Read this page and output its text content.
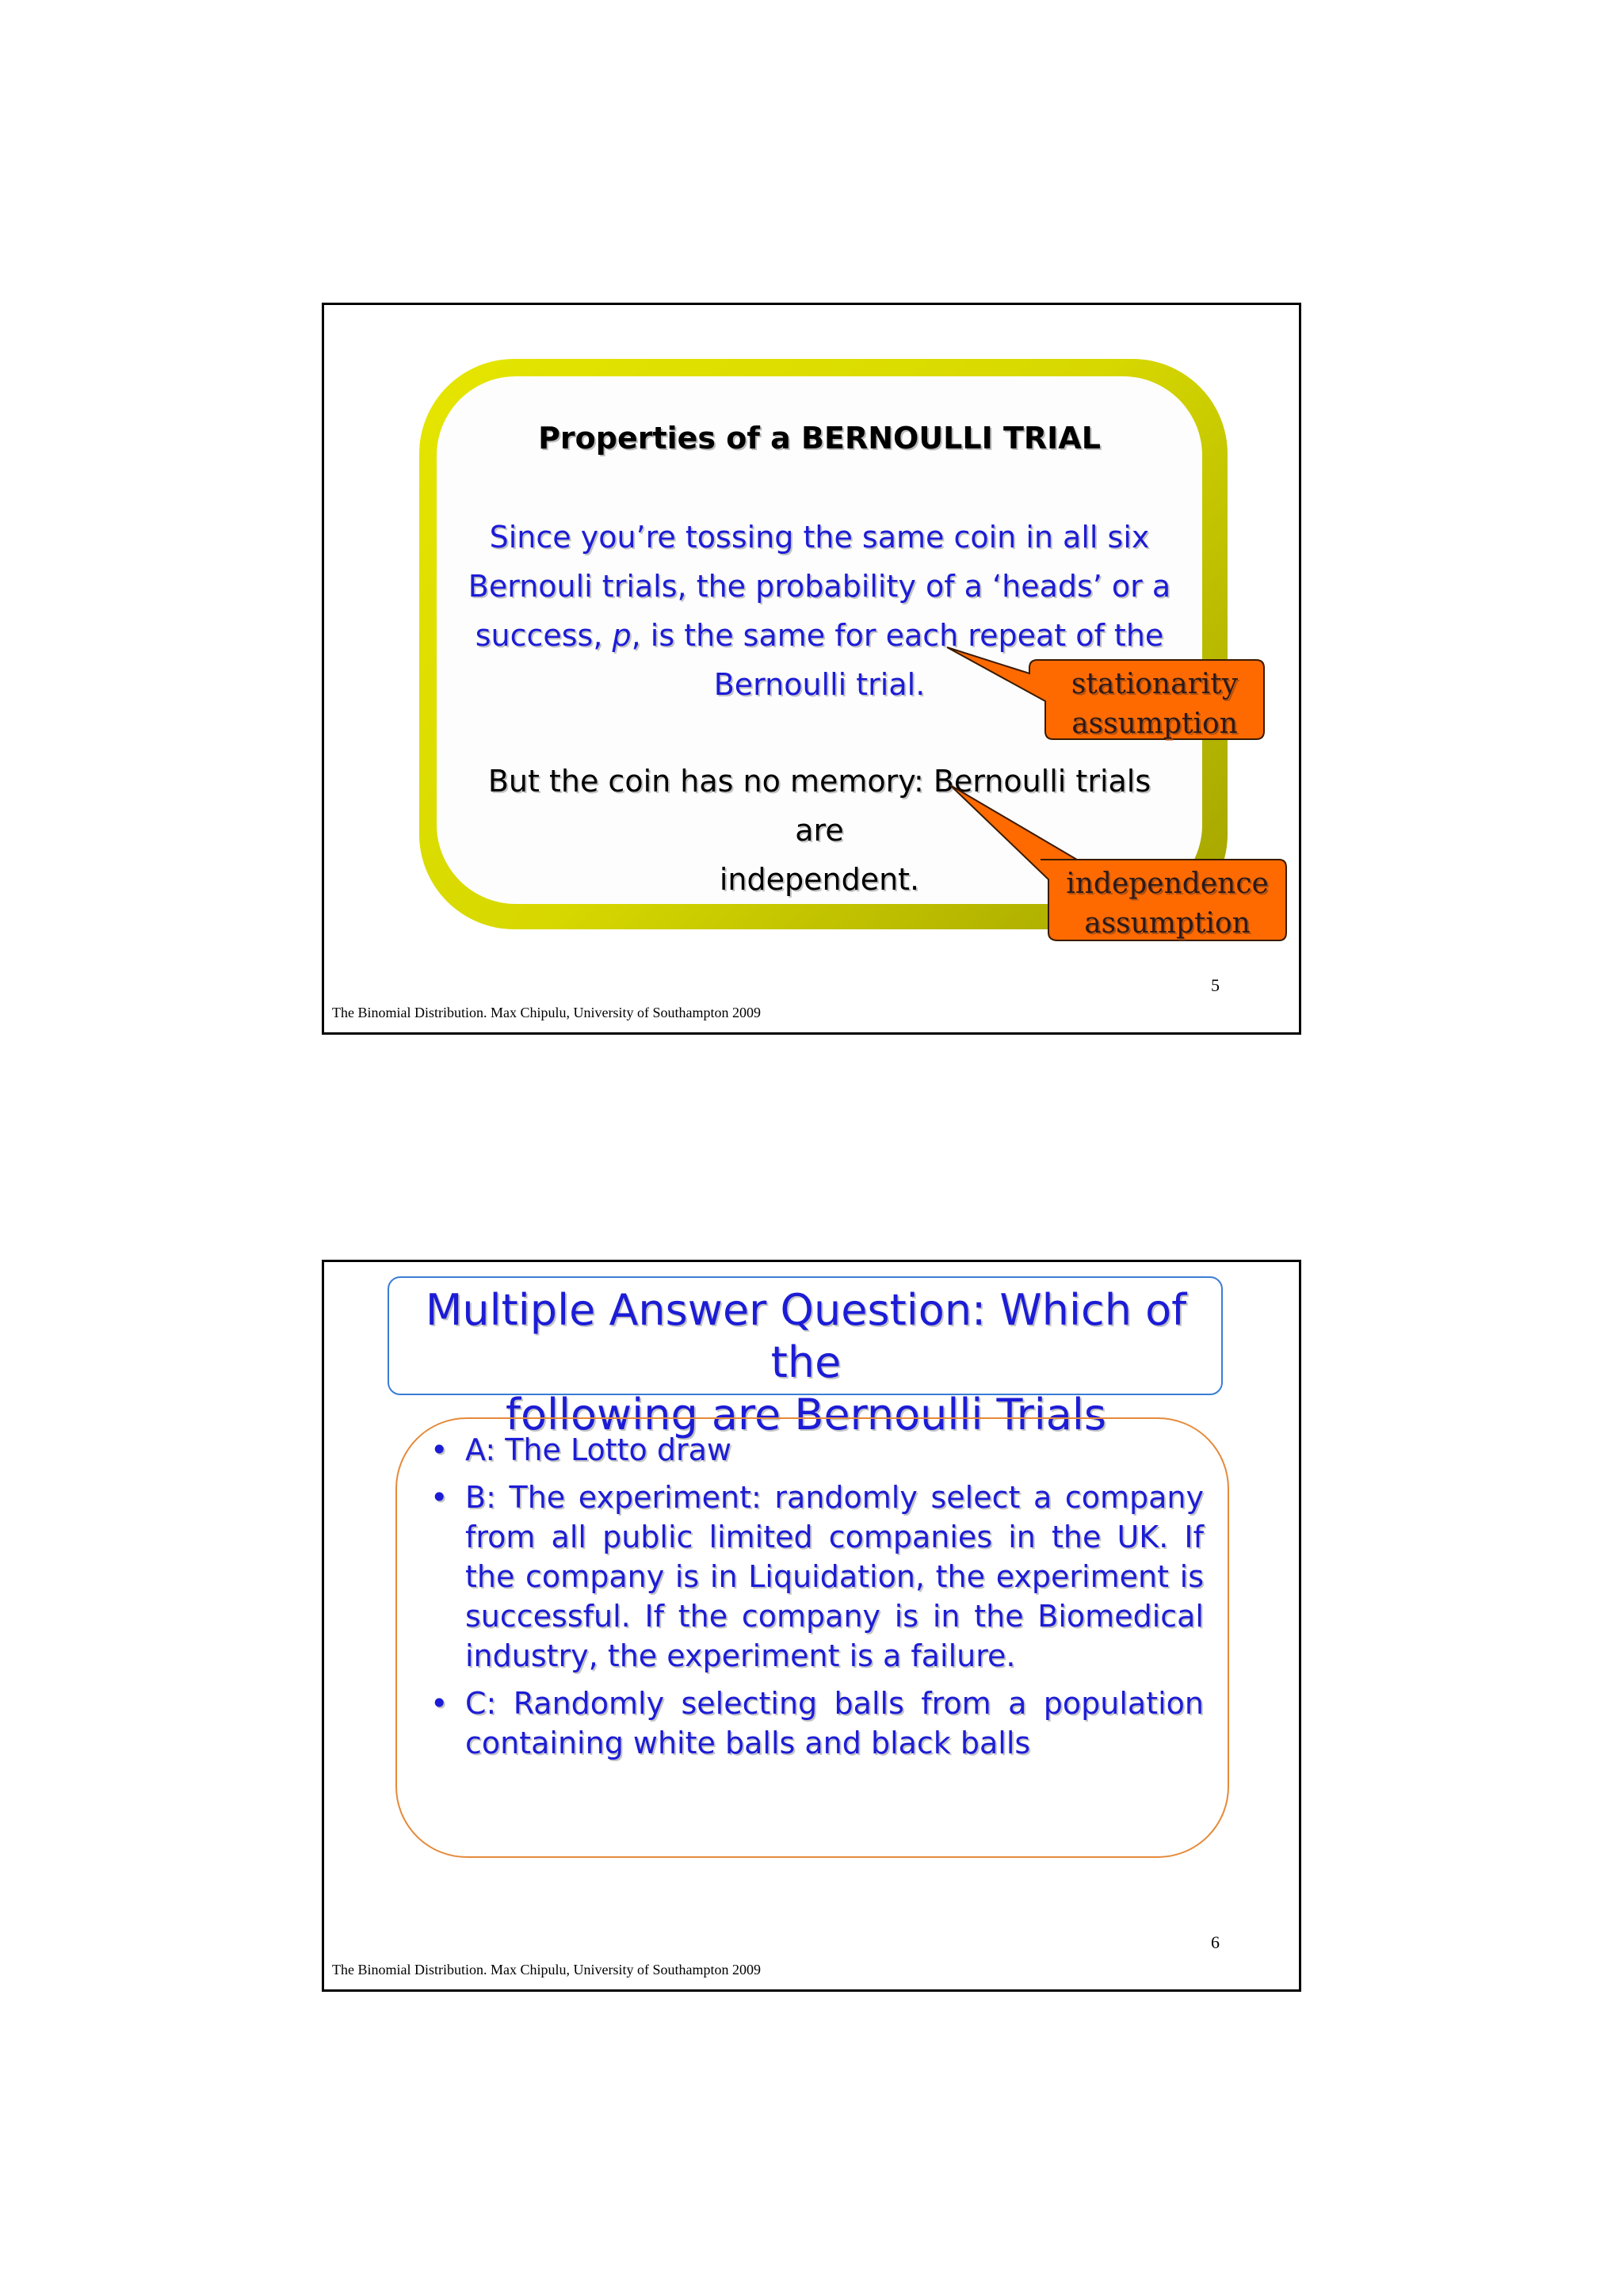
Properties of a BERNOULLI TRIAL
Since you’re tossing the same coin in all six
Bernouli trials, the probability of a ‘heads’ or a
success, p, is the same for each repeat of the
Bernoulli trial.
But the coin has no memory: Bernoulli trials are
independent.
stationarity
assumption
independence
assumption
5
The Binomial Distribution. Max Chipulu, University of Southampton 2009
Multiple Answer Question: Which of the
following are Bernoulli Trials
• A: The Lotto draw
• B: The experiment: randomly select a company from all public limited companies in the UK. If the company is in Liquidation, the experiment is successful. If the company is in the Biomedical industry, the experiment is a failure.
• C: Randomly selecting balls from a population containing white balls and black balls
6
The Binomial Distribution. Max Chipulu, University of Southampton 2009
